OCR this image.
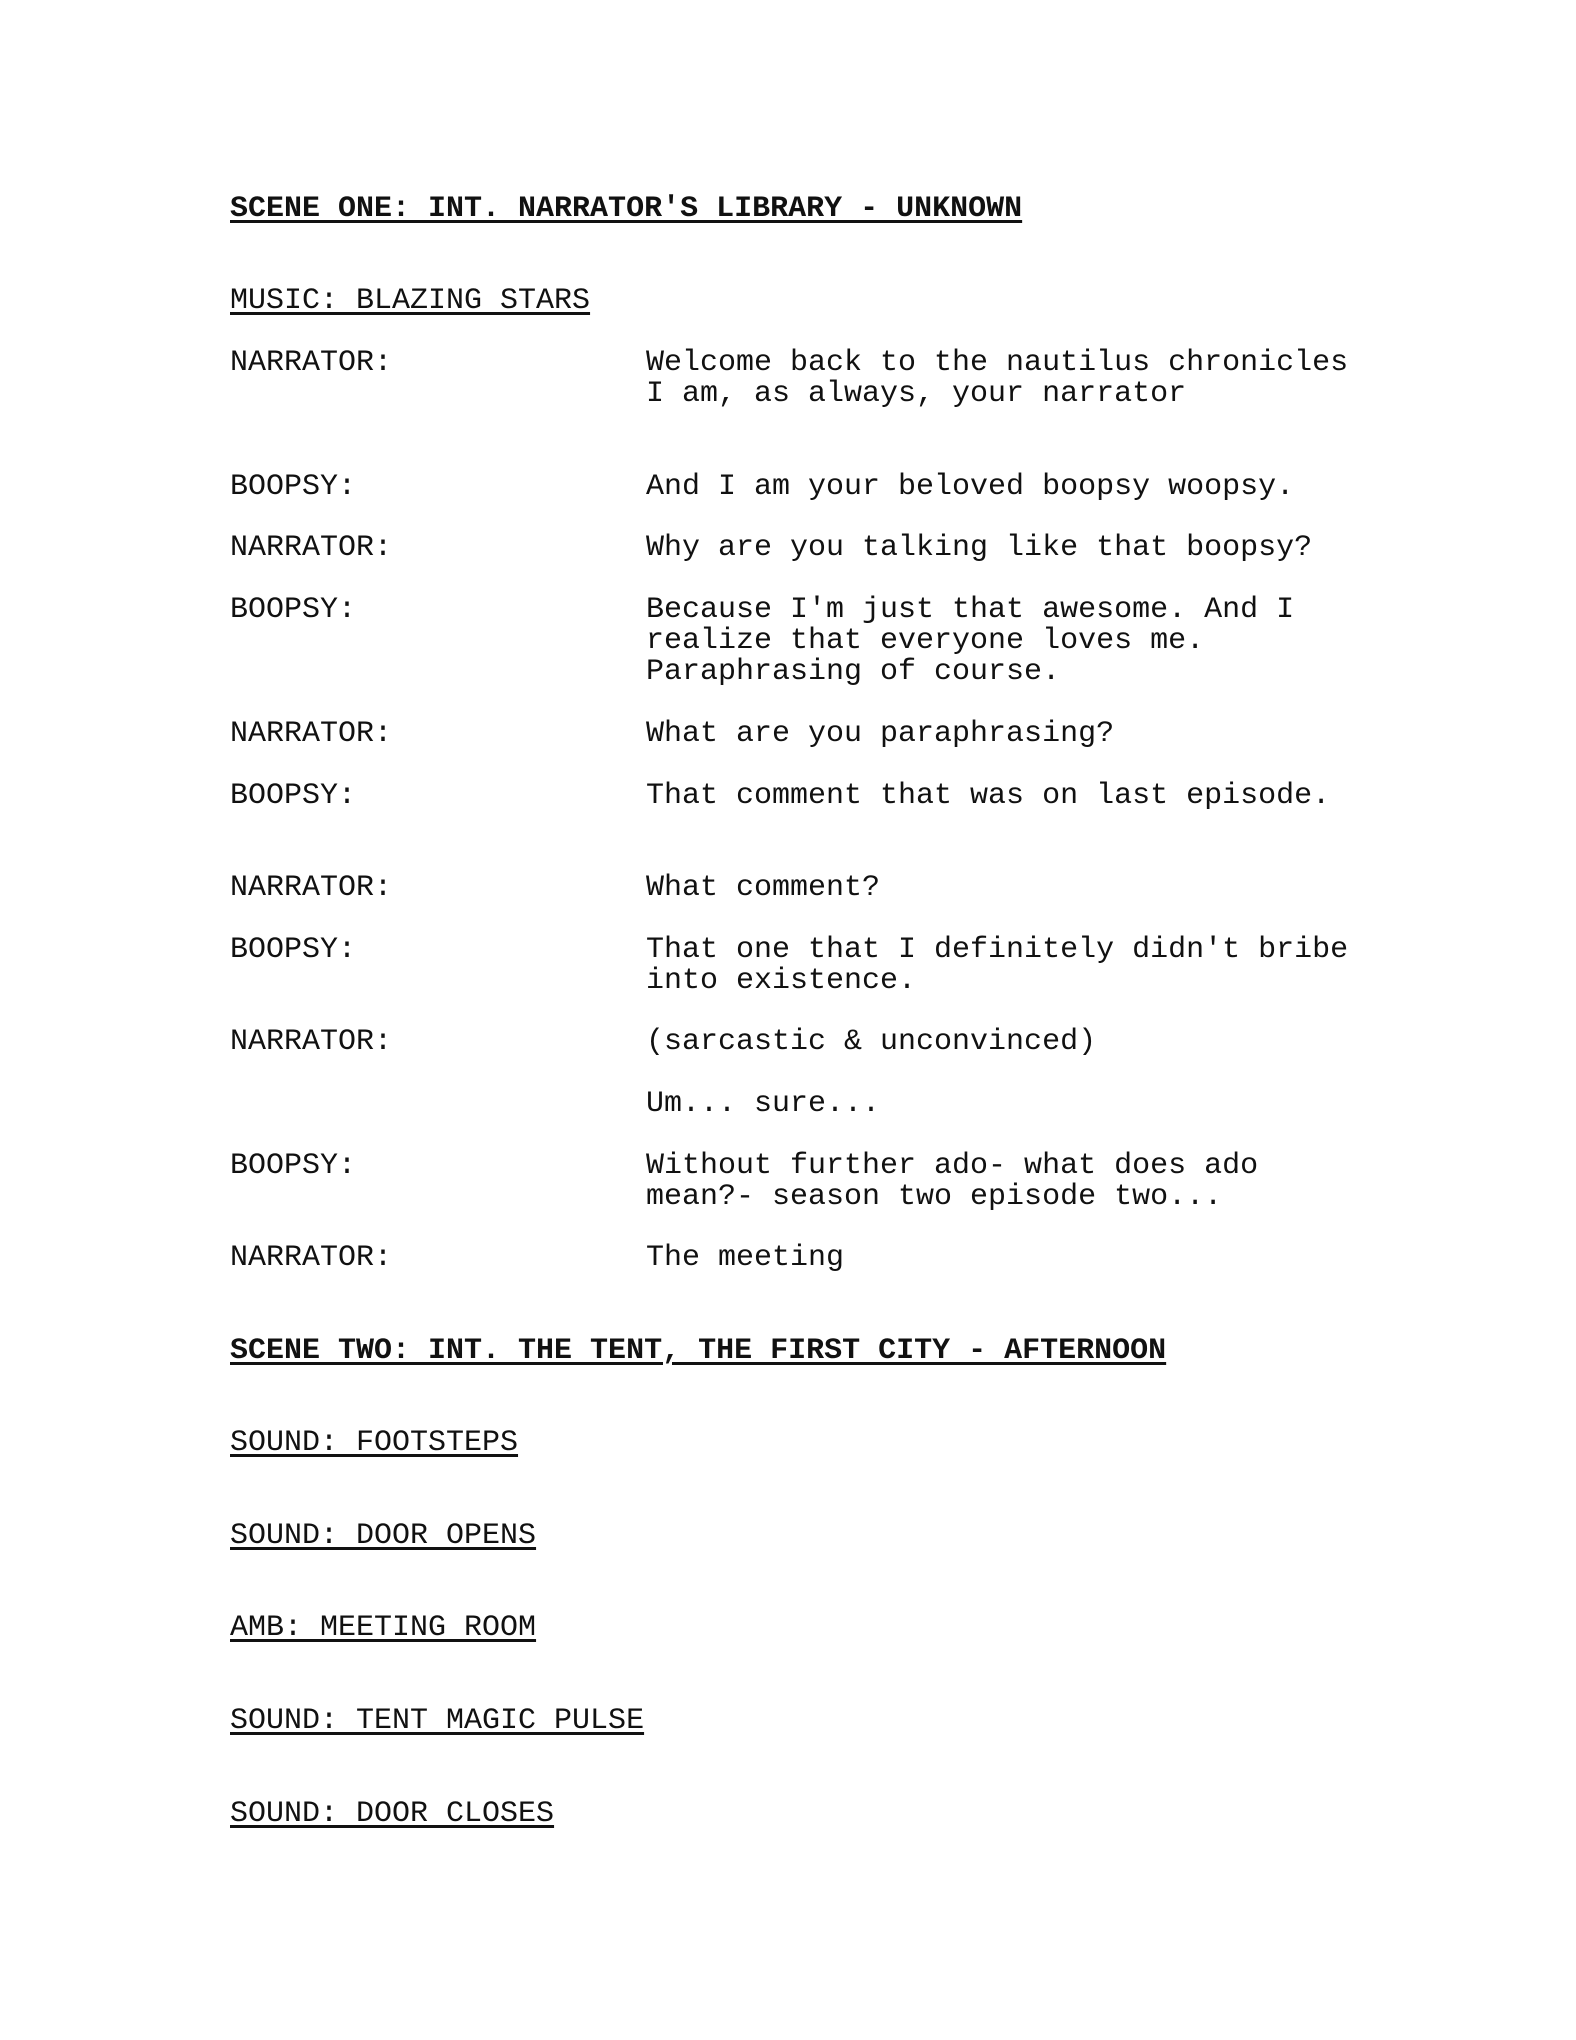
SCENE ONE: INT. NARRATOR'S LIBRARY - UNKNOWN
MUSIC: BLAZING STARS
NARRATOR:	Welcome back to the nautilus chronicles I am, as always, your narrator
BOOPSY:	And I am your beloved boopsy woopsy.
NARRATOR:	Why are you talking like that boopsy?
BOOPSY:	Because I'm just that awesome. And I realize that everyone loves me. Paraphrasing of course.
NARRATOR:	What are you paraphrasing?
BOOPSY:	That comment that was on last episode.
NARRATOR:	What comment?
BOOPSY:	That one that I definitely didn't bribe into existence.
NARRATOR:	(sarcastic & unconvinced)
Um... sure...
BOOPSY:	Without further ado- what does ado mean?- season two episode two...
NARRATOR:	The meeting
SCENE TWO: INT. THE TENT, THE FIRST CITY - AFTERNOON
SOUND: FOOTSTEPS
SOUND: DOOR OPENS
AMB: MEETING ROOM
SOUND: TENT MAGIC PULSE
SOUND: DOOR CLOSES
